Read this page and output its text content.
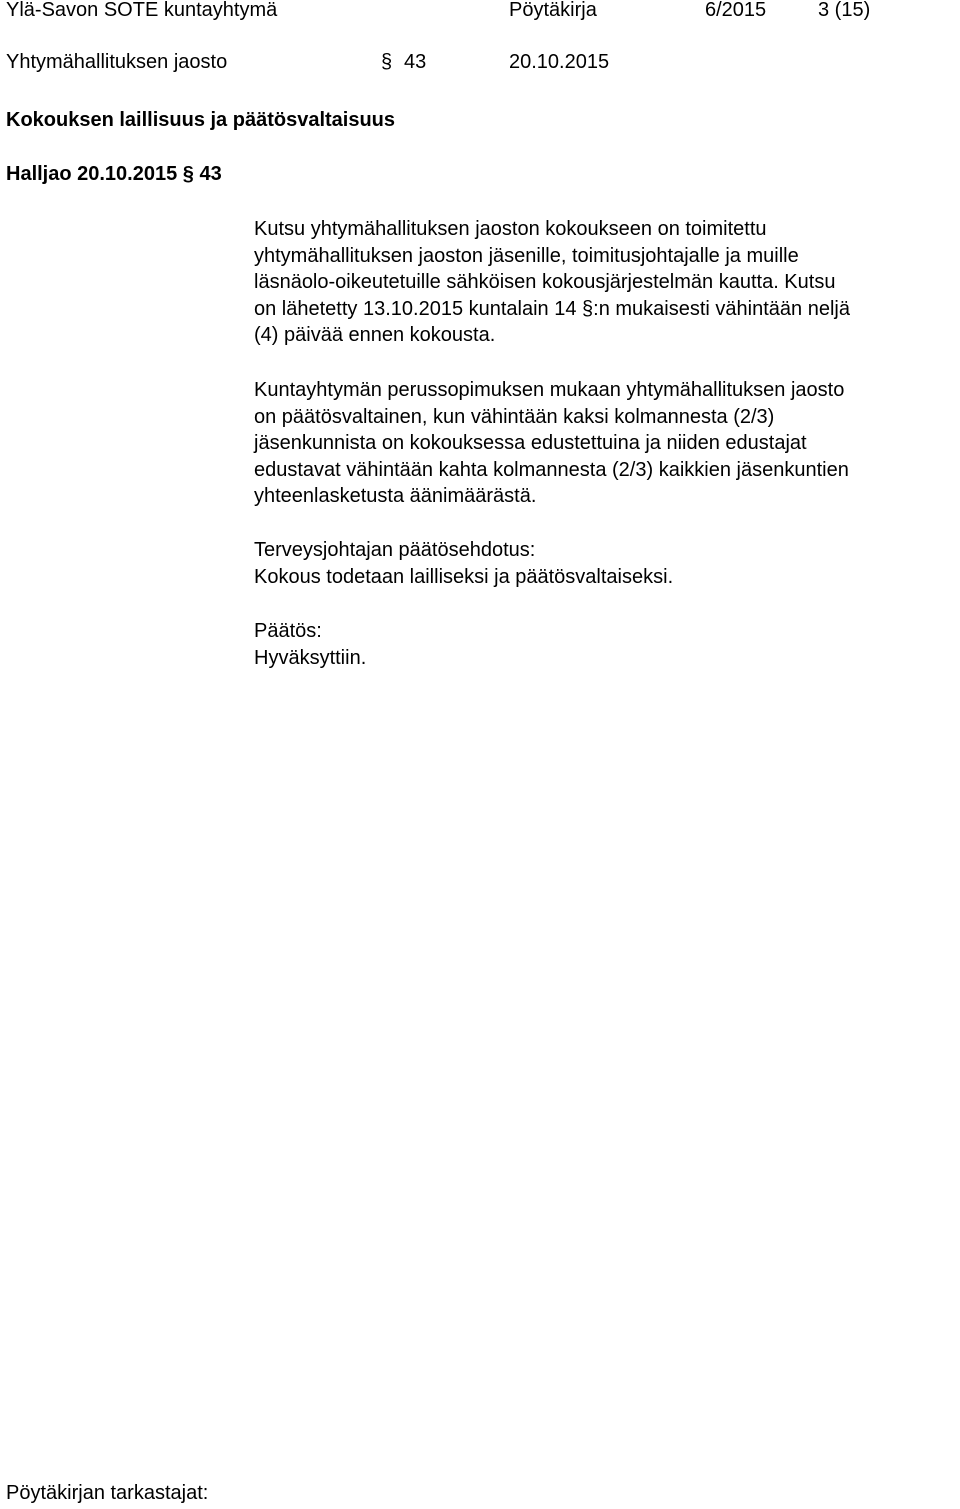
Ylä-Savon SOTE kuntayhtymä	Pöytäkirja	6/2015	3 (15)
Yhtymähallituksen jaosto	§ 43	20.10.2015
Kokouksen laillisuus ja päätösvaltaisuus
Halljao 20.10.2015 § 43
Kutsu yhtymähallituksen jaoston kokoukseen on toimitettu
yhtymähallituksen jaoston jäsenille, toimitusjohtajalle ja muille
läsnäolo-oikeutetuille sähköisen kokousjärjestelmän kautta. Kutsu
on lähetetty 13.10.2015 kuntalain 14 §:n mukaisesti vähintään neljä
(4) päivää ennen kokousta.
Kuntayhtymän perussopimuksen mukaan yhtymähallituksen jaosto
on päätösvaltainen, kun vähintään kaksi kolmannesta (2/3)
jäsenkunnista on kokouksessa edustettuina ja niiden edustajat
edustavat vähintään kahta kolmannesta (2/3) kaikkien jäsenkuntien
yhteenlasketusta äänimäärästä.
Terveysjohtajan päätösehdotus:
Kokous todetaan lailliseksi ja päätösvaltaiseksi.
Päätös:
Hyväksyttiin.
Pöytäkirjan tarkastajat:
